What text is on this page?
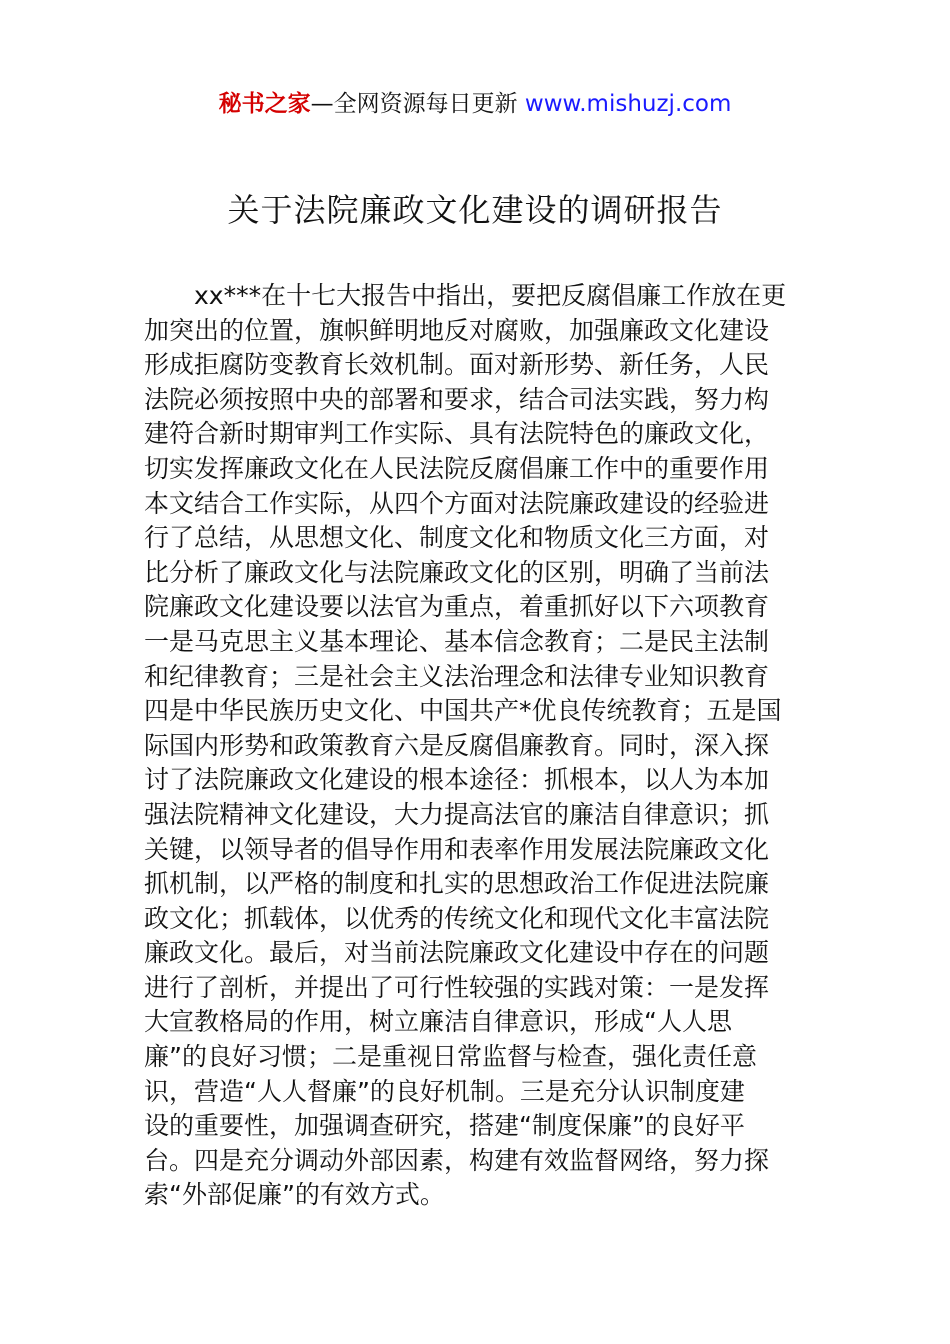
秘书之家—全网资源每日更新 www.mishuzj.com
关于法院廉政文化建设的调研报告
xx***在十七大报告中指出，要把反腐倡廉工作放在更
加突出的位置，旗帜鲜明地反对腐败，加强廉政文化建设
形成拒腐防变教育长效机制。面对新形势、新任务，人民
法院必须按照中央的部署和要求，结合司法实践，努力构
建符合新时期审判工作实际、具有法院特色的廉政文化，
切实发挥廉政文化在人民法院反腐倡廉工作中的重要作用
本文结合工作实际，从四个方面对法院廉政建设的经验进
行了总结，从思想文化、制度文化和物质文化三方面，对
比分析了廉政文化与法院廉政文化的区别，明确了当前法
院廉政文化建设要以法官为重点，着重抓好以下六项教育
一是马克思主义基本理论、基本信念教育；二是民主法制
和纪律教育；三是社会主义法治理念和法律专业知识教育
四是中华民族历史文化、中国共产*优良传统教育；五是国
际国内形势和政策教育六是反腐倡廉教育。同时，深入探
讨了法院廉政文化建设的根本途径：抓根本，以人为本加
强法院精神文化建设，大力提高法官的廉洁自律意识；抓
关键，以领导者的倡导作用和表率作用发展法院廉政文化
抓机制，以严格的制度和扎实的思想政治工作促进法院廉
政文化；抓载体，以优秀的传统文化和现代文化丰富法院
廉政文化。最后，对当前法院廉政文化建设中存在的问题
进行了剖析，并提出了可行性较强的实践对策：一是发挥
大宣教格局的作用，树立廉洁自律意识，形成“人人思
廉”的良好习惯；二是重视日常监督与检查，强化责任意
识，营造“人人督廉”的良好机制。三是充分认识制度建
设的重要性，加强调查研究，搭建“制度保廉”的良好平
台。四是充分调动外部因素，构建有效监督网络，努力探
索“外部促廉”的有效方式。
